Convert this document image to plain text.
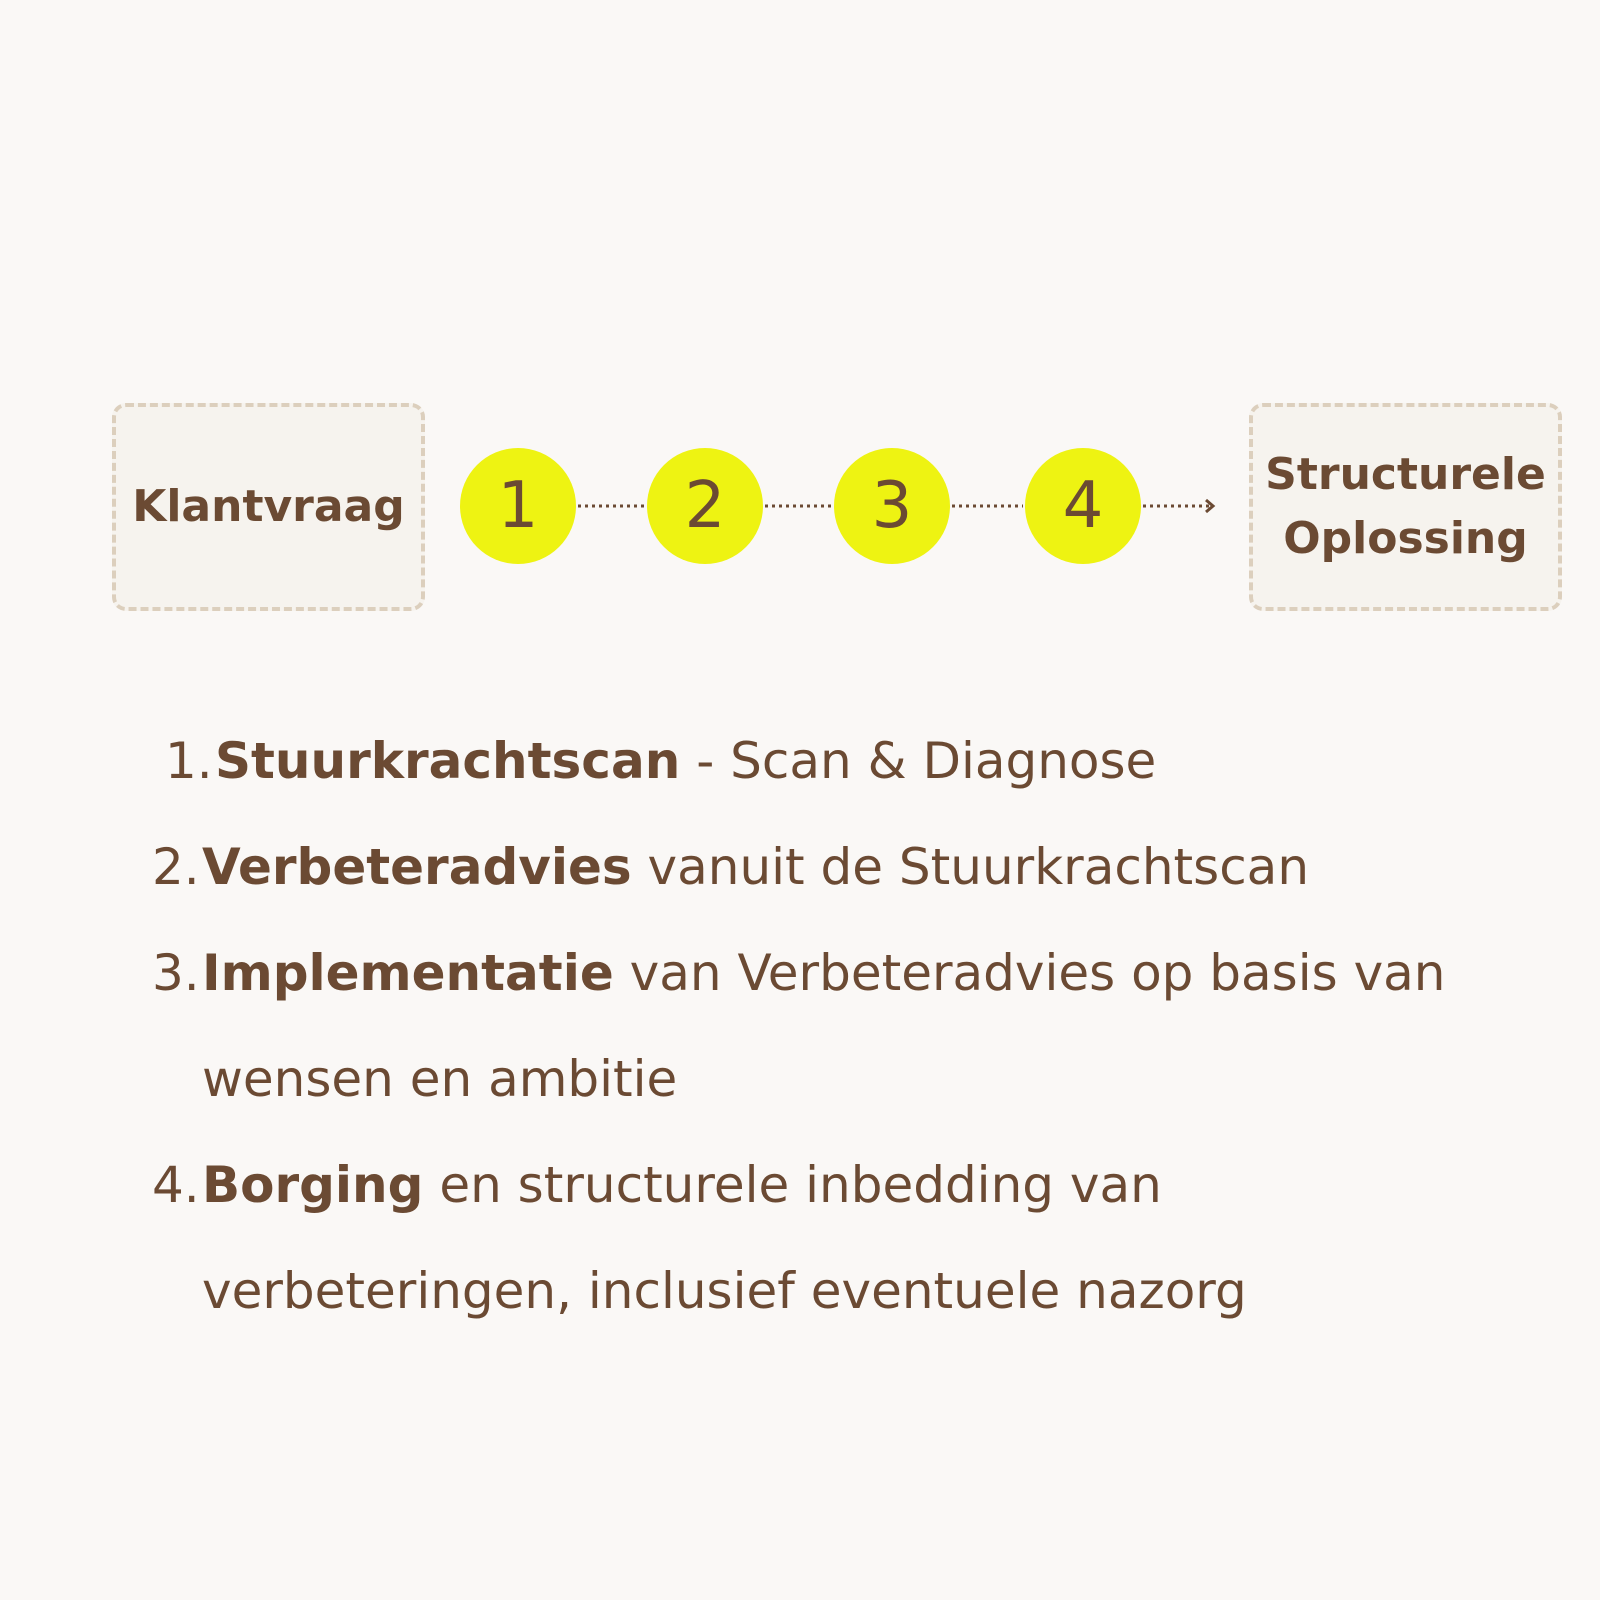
Klantvraag 1 2 3 4	Structurele
Oplossing
1.Stuurkrachtscan - Scan & Diagnose
2.Verbeteradvies vanuit de Stuurkrachtscan
3.Implementatie van Verbeteradvies op basis van
wensen en ambitie
4.Borging en structurele inbedding van
verbeteringen, inclusief eventuele nazorg
